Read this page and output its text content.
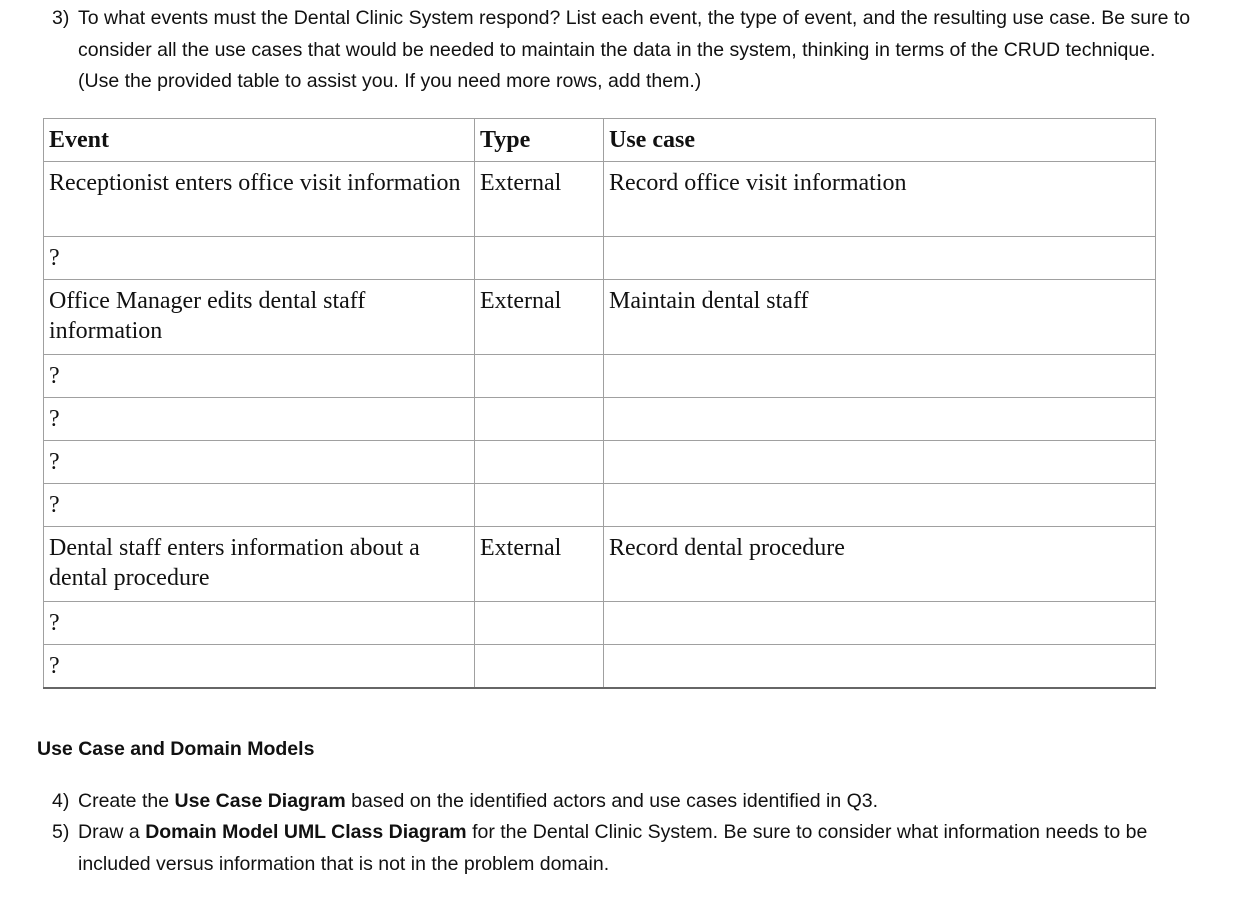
3) To what events must the Dental Clinic System respond? List each event, the type of event, and the resulting use case. Be sure to consider all the use cases that would be needed to maintain the data in the system, thinking in terms of the CRUD technique. (Use the provided table to assist you. If you need more rows, add them.)
Event	Type	Use case
Receptionist enters office visit information	External	Record office visit information
?		
Office Manager edits dental staff information	External	Maintain dental staff
?		
?		
?		
?		
Dental staff enters information about a dental procedure	External	Record dental procedure
?		
?		
Use Case and Domain Models
4) Create the Use Case Diagram based on the identified actors and use cases identified in Q3.
5) Draw a Domain Model UML Class Diagram for the Dental Clinic System. Be sure to consider what information needs to be included versus information that is not in the problem domain.
